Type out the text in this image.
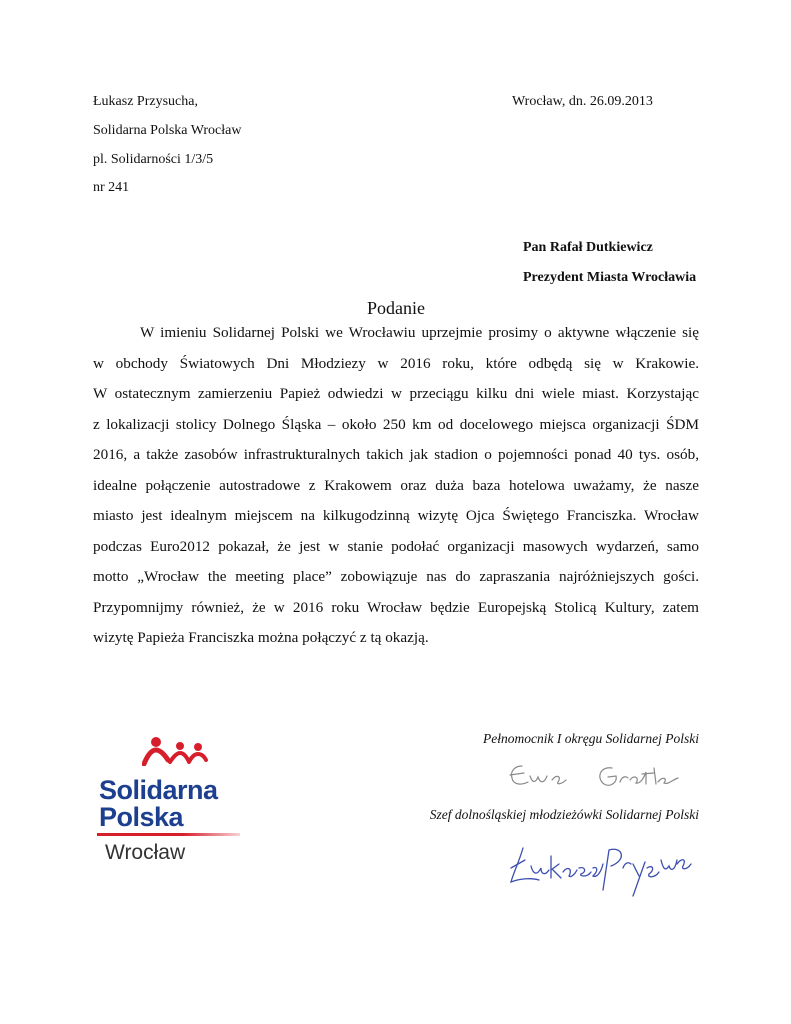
Łukasz Przysucha,
Solidarna Polska Wrocław
pl. Solidarności 1/3/5
nr 241
Wrocław, dn. 26.09.2013
Pan Rafał Dutkiewicz
Prezydent Miasta Wrocławia
Podanie
W imieniu Solidarnej Polski we Wrocławiu uprzejmie prosimy o aktywne włączenie się
w obchody Światowych Dni Młodziezy w 2016 roku, które odbędą się w Krakowie.
W ostatecznym zamierzeniu Papież odwiedzi w przeciągu kilku dni wiele miast. Korzystając
z lokalizacji stolicy Dolnego Śląska – około 250 km od docelowego miejsca organizacji ŚDM
2016, a także zasobów infrastrukturalnych takich jak stadion o pojemności ponad 40 tys. osób,
idealne połączenie autostradowe z Krakowem oraz duża baza hotelowa uważamy, że nasze
miasto jest idealnym miejscem na kilkugodzinną wizytę Ojca Świętego Franciszka. Wrocław
podczas Euro2012 pokazał, że jest w stanie podołać organizacji masowych wydarzeń, samo
motto „Wrocław the meeting place” zobowiązuje nas do zapraszania najróżniejszych gości.
Przypomnijmy również, że w 2016 roku Wrocław będzie Europejską Stolicą Kultury, zatem
wizytę Papieża Franciszka można połączyć z tą okazją.
Pełnomocnik I okręgu Solidarnej Polski
Szef dolnośląskiej młodzieżówki Solidarnej Polski
Solidarna
Polska
Wrocław
